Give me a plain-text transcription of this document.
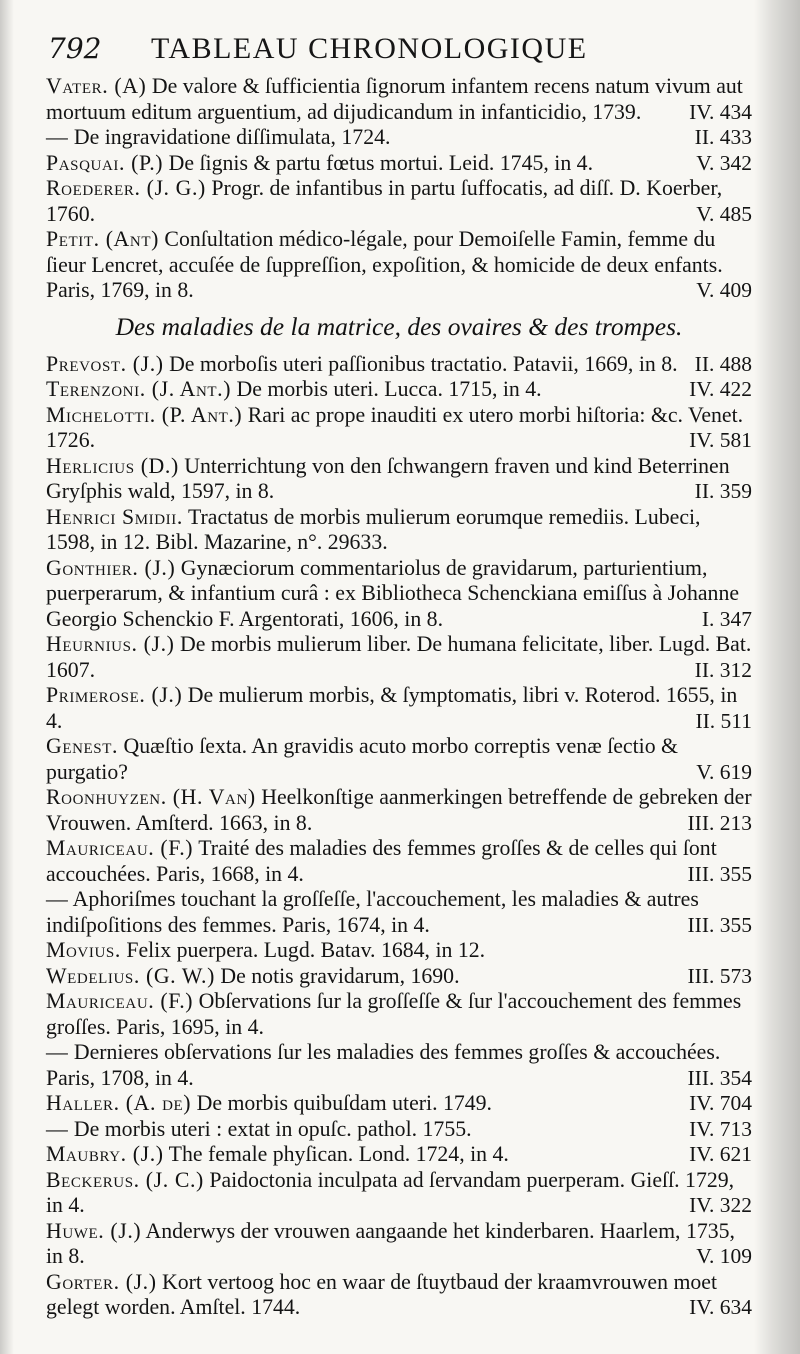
792 TABLEAU CHRONOLOGIQUE
Vater. (A) De valore & ſufficientia ſignorum infantem recens natum vivum aut mortuum editum arguentium, ad dijudicandum in infanticidio, 1739. IV. 434
— De ingravidatione diſſimulata, 1724.	II. 433
Pasquai. (P.) De ſignis & partu fœtus mortui. Leid. 1745, in 4.	V. 342
Roederer. (J. G.) Progr. de infantibus in partu ſuffocatis, ad diſſ. D. Koerber, 1760.	V. 485
Petit. (Ant) Conſultation médico-légale, pour Demoiſelle Famin, femme du ſieur Lencret, accuſée de ſuppreſſion, expoſition, & homicide de deux enfants. Paris, 1769, in 8.	V. 409
Des maladies de la matrice, des ovaires & des trompes.
Prevost. (J.) De morboſis uteri paſſionibus tractatio. Patavii, 1669, in 8. II. 488
Terenzoni. (J. Ant.) De morbis uteri. Lucca. 1715, in 4.	IV. 422
Michelotti. (P. Ant.) Rari ac prope inauditi ex utero morbi hiſtoria: &c. Venet. 1726.	IV. 581
Herlicius (D.) Unterrichtung von den ſchwangern fraven und kind Beterrinen Gryſphis wald, 1597, in 8.	II. 359
Henrici Smidii. Tractatus de morbis mulierum eorumque remediis. Lubeci, 1598, in 12. Bibl. Mazarine, n°. 29633.
Gonthier. (J.) Gynæciorum commentariolus de gravidarum, parturientium, puerperarum, & infantium curâ : ex Bibliotheca Schenckiana emiſſus à Johanne Georgio Schenckio F. Argentorati, 1606, in 8.	I. 347
Heurnius. (J.) De morbis mulierum liber. De humana felicitate, liber. Lugd. Bat. 1607.	II. 312
Primerose. (J.) De mulierum morbis, & ſymptomatis, libri v. Roterod. 1655, in 4.	II. 511
Genest. Quæſtio ſexta. An gravidis acuto morbo correptis venæ ſectio & purgatio?	V. 619
Roonhuyzen. (H. Van) Heelkonſtige aanmerkingen betreffende de gebreken der Vrouwen. Amſterd. 1663, in 8.	III. 213
Mauriceau. (F.) Traité des maladies des femmes groſſes & de celles qui ſont accouchées. Paris, 1668, in 4.	III. 355
— Aphoriſmes touchant la groſſeſſe, l'accouchement, les maladies & autres indiſpoſitions des femmes. Paris, 1674, in 4.	III. 355
Movius. Felix puerpera. Lugd. Batav. 1684, in 12.
Wedelius. (G. W.) De notis gravidarum, 1690.	III. 573
Mauriceau. (F.) Obſervations ſur la groſſeſſe & ſur l'accouchement des femmes groſſes. Paris, 1695, in 4.
— Dernieres obſervations ſur les maladies des femmes groſſes & accouchées. Paris, 1708, in 4.	III. 354
Haller. (A. de) De morbis quibuſdam uteri. 1749.	IV. 704
— De morbis uteri : extat in opuſc. pathol. 1755.	IV. 713
Maubry. (J.) The female phyſican. Lond. 1724, in 4.	IV. 621
Beckerus. (J. C.) Paidoctonia inculpata ad ſervandam puerperam. Gieſſ. 1729, in 4.	IV. 322
Huwe. (J.) Anderwys der vrouwen aangaande het kinderbaren. Haarlem, 1735, in 8.	V. 109
Gorter. (J.) Kort vertoog hoc en waar de ſtuytbaud der kraamvrouwen moet gelegt worden. Amſtel. 1744.	IV. 634
